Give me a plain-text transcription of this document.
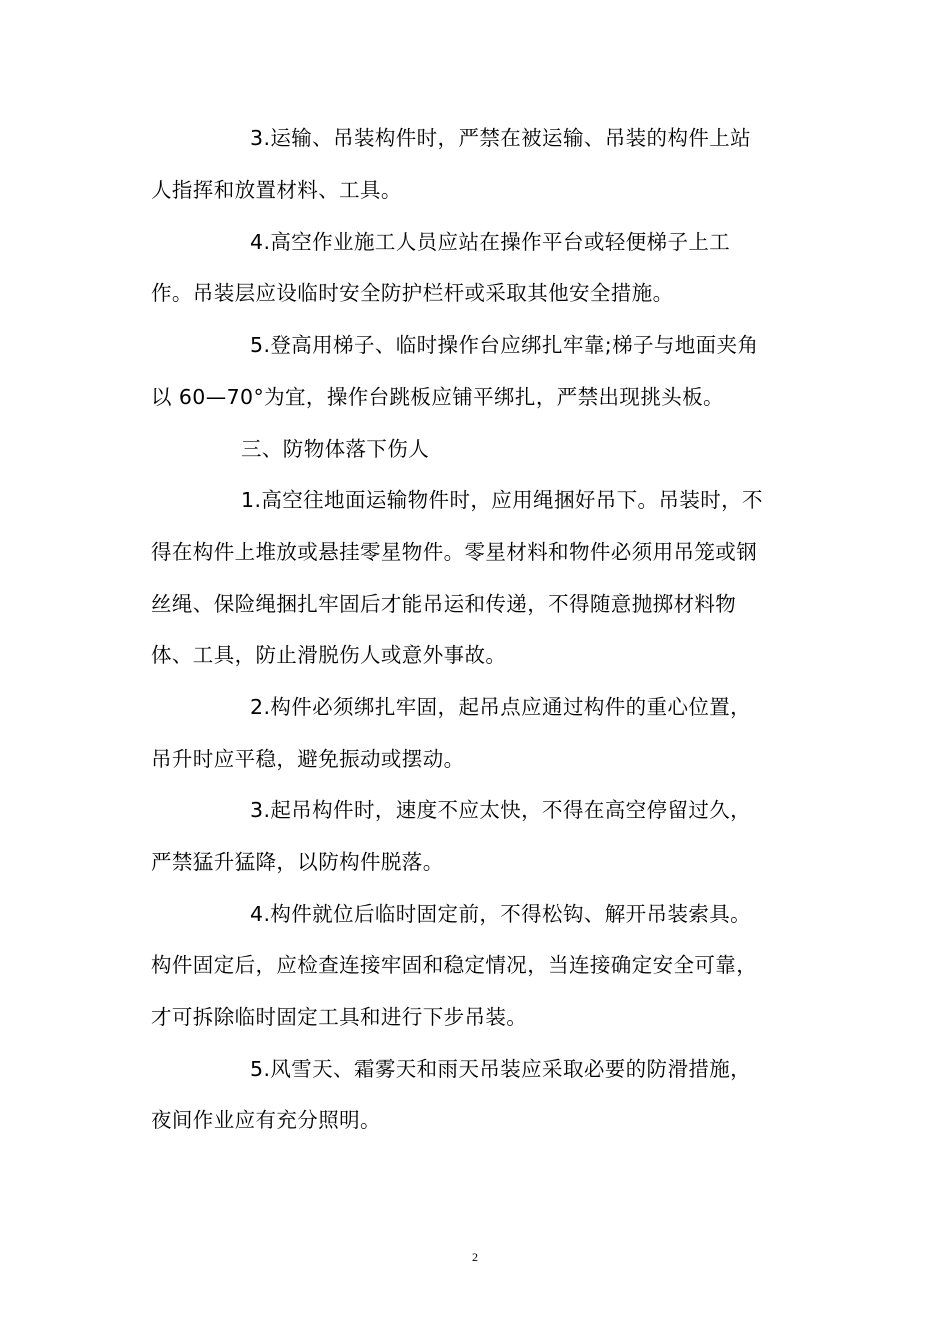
3.运输、吊装构件时，严禁在被运输、吊装的构件上站
人指挥和放置材料、工具。
4.高空作业施工人员应站在操作平台或轻便梯子上工
作。吊装层应设临时安全防护栏杆或采取其他安全措施。
5.登高用梯子、临时操作台应绑扎牢靠;梯子与地面夹角
以 60—70°为宜，操作台跳板应铺平绑扎，严禁出现挑头板。
三、防物体落下伤人
1.高空往地面运输物件时，应用绳捆好吊下。吊装时，不
得在构件上堆放或悬挂零星物件。零星材料和物件必须用吊笼或钢
丝绳、保险绳捆扎牢固后才能吊运和传递，不得随意抛掷材料物
体、工具，防止滑脱伤人或意外事故。
2.构件必须绑扎牢固，起吊点应通过构件的重心位置，
吊升时应平稳，避免振动或摆动。
3.起吊构件时，速度不应太快，不得在高空停留过久，
严禁猛升猛降，以防构件脱落。
4.构件就位后临时固定前，不得松钩、解开吊装索具。
构件固定后，应检查连接牢固和稳定情况，当连接确定安全可靠，
才可拆除临时固定工具和进行下步吊装。
5.风雪天、霜雾天和雨天吊装应采取必要的防滑措施，
夜间作业应有充分照明。
2
